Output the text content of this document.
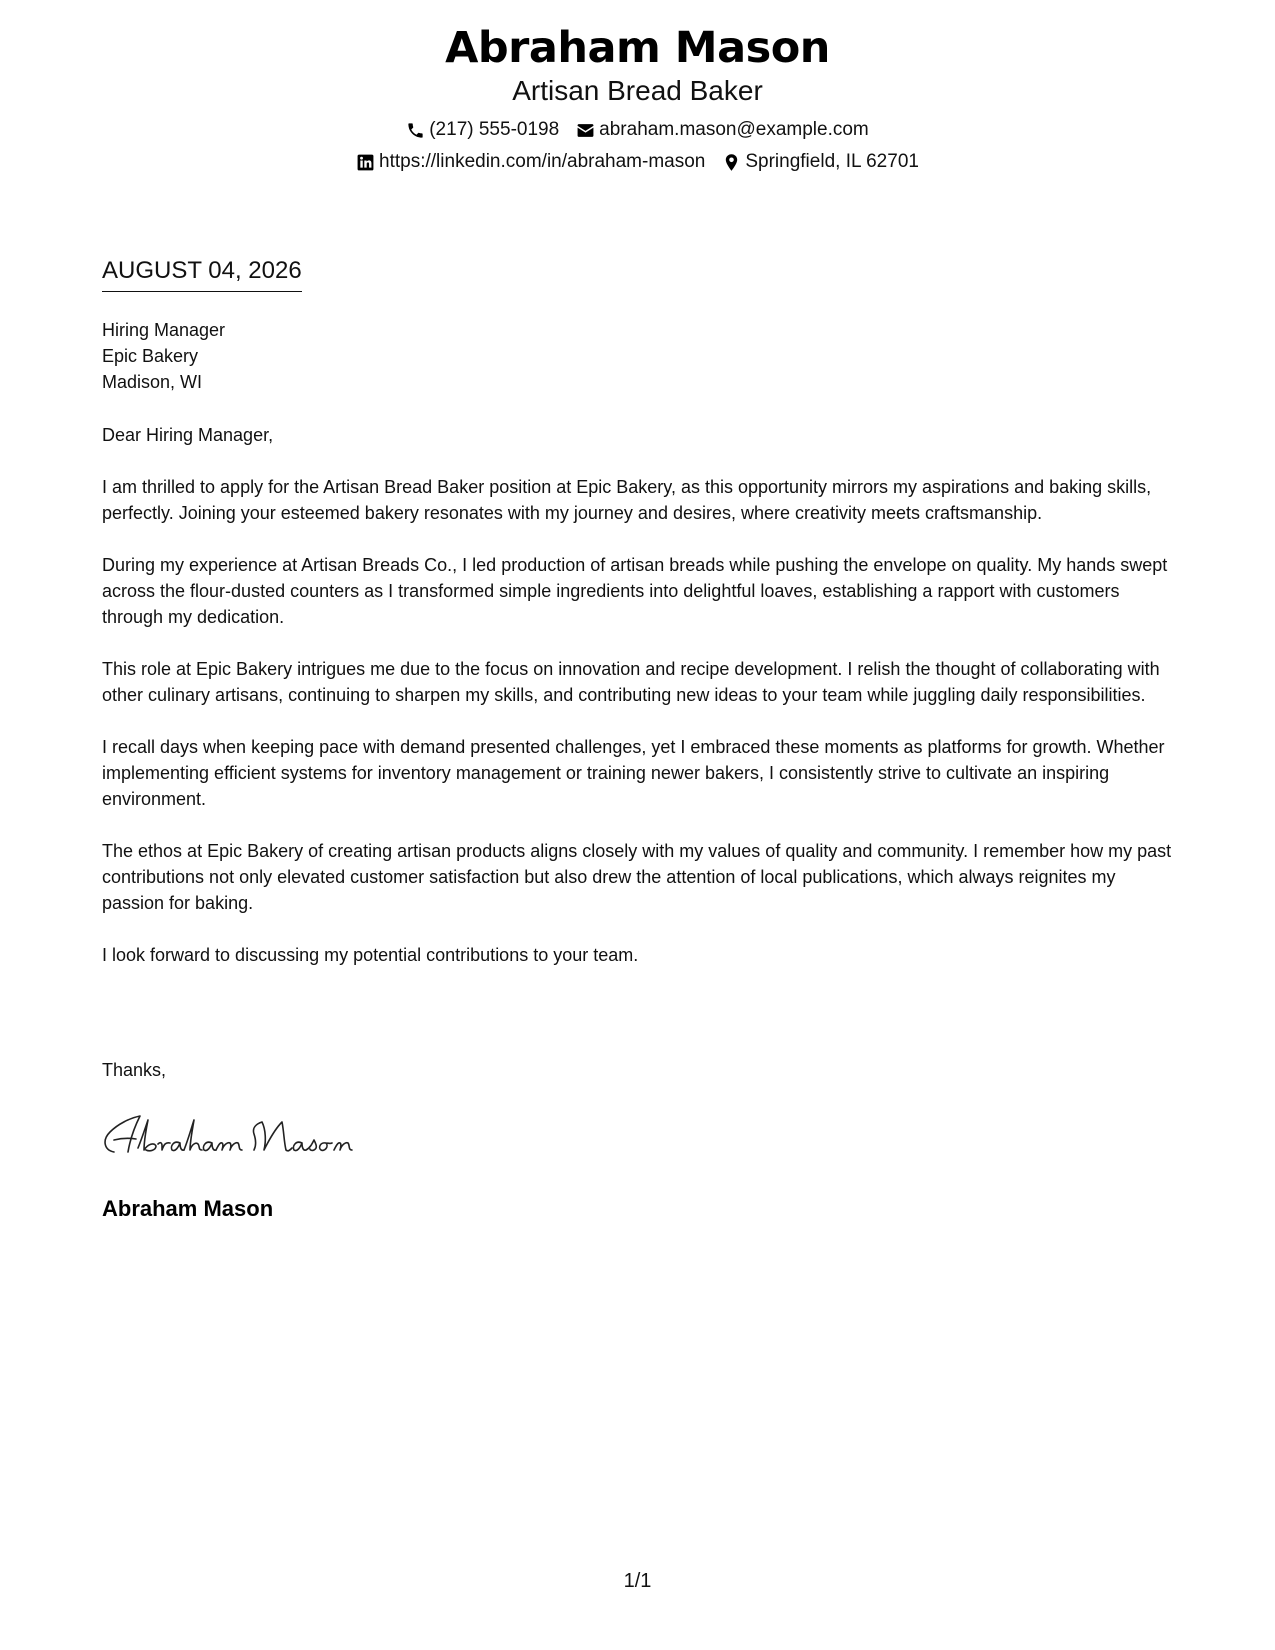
Abraham Mason
Artisan Bread Baker
(217) 555-0198 abraham.mason@example.com
https://linkedin.com/in/abraham-mason Springfield, IL 62701
AUGUST 04, 2026
Hiring Manager
Epic Bakery
Madison, WI

Dear Hiring Manager,

I am thrilled to apply for the Artisan Bread Baker position at Epic Bakery, as this opportunity mirrors my aspirations and baking skills, perfectly. Joining your esteemed bakery resonates with my journey and desires, where creativity meets craftsmanship.

During my experience at Artisan Breads Co., I led production of artisan breads while pushing the envelope on quality. My hands swept across the flour-dusted counters as I transformed simple ingredients into delightful loaves, establishing a rapport with customers through my dedication.

This role at Epic Bakery intrigues me due to the focus on innovation and recipe development. I relish the thought of collaborating with other culinary artisans, continuing to sharpen my skills, and contributing new ideas to your team while juggling daily responsibilities.

I recall days when keeping pace with demand presented challenges, yet I embraced these moments as platforms for growth. Whether implementing efficient systems for inventory management or training newer bakers, I consistently strive to cultivate an inspiring environment.

The ethos at Epic Bakery of creating artisan products aligns closely with my values of quality and community. I remember how my past contributions not only elevated customer satisfaction but also drew the attention of local publications, which always reignites my passion for baking.

I look forward to discussing my potential contributions to your team.

Thanks,
Abraham Mason
1/1
